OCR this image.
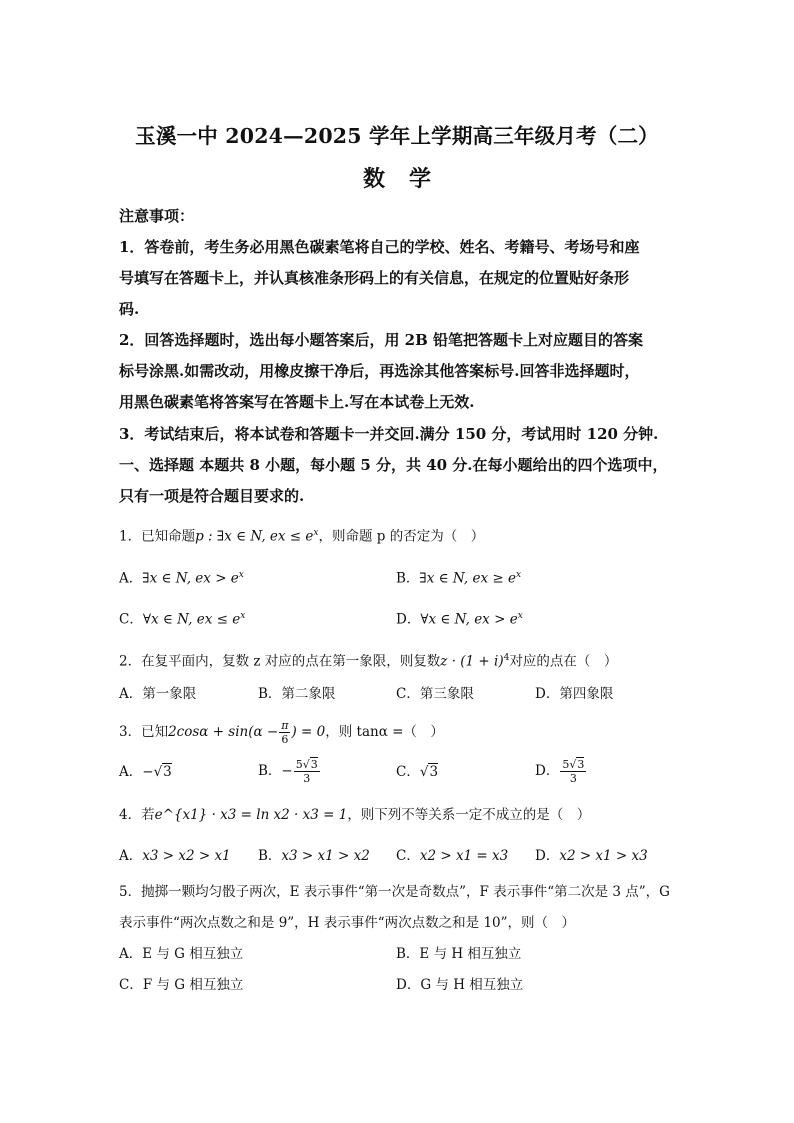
玉溪一中 2024—2025 学年上学期高三年级月考（二）
数学
注意事项：
1．答卷前，考生务必用黑色碳素笔将自己的学校、姓名、考籍号、考场号和座
号填写在答题卡上，并认真核准条形码上的有关信息，在规定的位置贴好条形
码.
2．回答选择题时，选出每小题答案后，用 2B 铅笔把答题卡上对应题目的答案
标号涂黑.如需改动，用橡皮擦干净后，再选涂其他答案标号.回答非选择题时，
用黑色碳素笔将答案写在答题卡上.写在本试卷上无效.
3．考试结束后，将本试卷和答题卡一并交回.满分 150 分，考试用时 120 分钟.
一、选择题 本题共 8 小题，每小题 5 分，共 40 分.在每小题给出的四个选项中，
只有一项是符合题目要求的.
1．已知命题p : ∃x ∈ N, ex ≤ $e^x$，则命题 p 的否定为（　）
A．∃x ∈ N, ex > $e^x$	B．∃x ∈ N, ex ≥ $e^x$
C．∀x ∈ N, ex ≤ $e^x$	D．∀x ∈ N, ex > $e^x$
2．在复平面内，复数 z 对应的点在第一象限，则复数$z \cdot (1 + i)^4$对应的点在（　）
A．第一象限	B．第二象限	C．第三象限	D．第四象限
3．已知$2\cos\alpha + \sin(\alpha - \frac{\pi}{6}$ ) = 0，则 tanα =（　）
A．−√3	B．− $\frac{5√3}{3}$	C．√3	D． $\frac{5√3}{3}$
4．若e^{x1} · x3 = ln x2 · x3 = 1，则下列不等关系一定不成立的是（　）
A．x3 > x2 > x1 B．x3 > x1 > x2 C．x2 > x1 = x3 D．x2 > x1 > x3
5．抛掷一颗均匀骰子两次，E 表示事件“第一次是奇数点”，F 表示事件“第二次是 3 点”，G
表示事件“两次点数之和是 9”，H 表示事件“两次点数之和是 10”，则（　）
A．E 与 G 相互独立	B．E 与 H 相互独立
C．F 与 G 相互独立	D．G 与 H 相互独立
